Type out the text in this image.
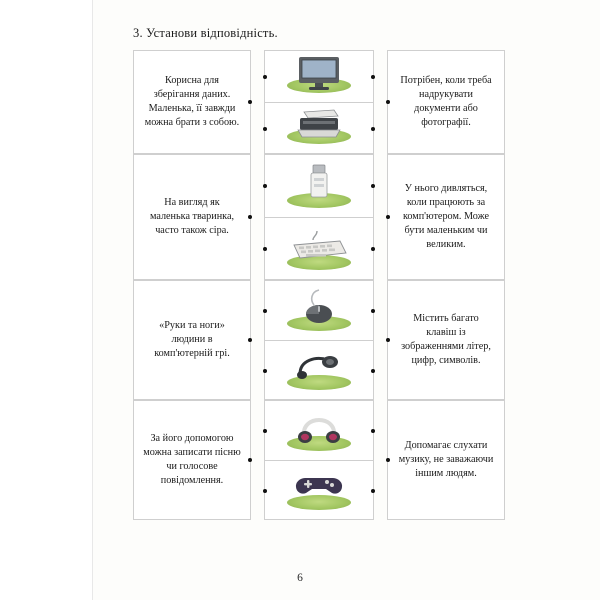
3. Установи відповідність.
Корисна для зберігання даних. Маленька, її завжди можна брати з собою.
Потрібен, коли треба надрукувати документи або фотографії.
На вигляд як маленька тваринка, часто також сіра.
У нього дивляться, коли працюють за комп'ютером. Може бути маленьким чи великим.
«Руки та ноги» людини в комп'ютерній грі.
Містить багато клавіш із зображеннями літер, цифр, символів.
За його допомогою можна записати пісню чи голосове повідомлення.
Допомагає слухати музику, не заважаючи іншим людям.
6
